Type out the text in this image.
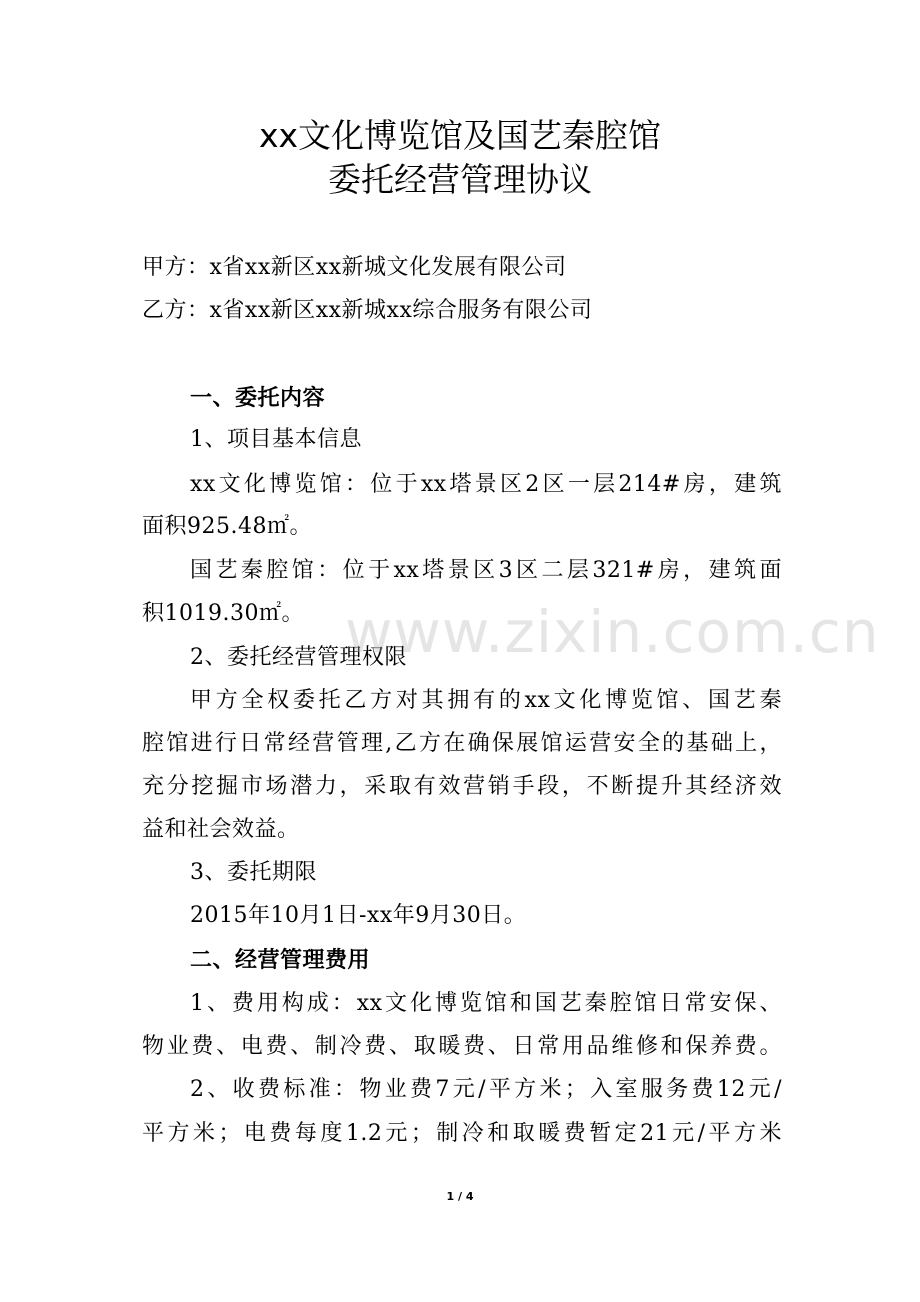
xx文化博览馆及国艺秦腔馆
委托经营管理协议

甲方：x省xx新区xx新城文化发展有限公司

乙方：x省xx新区xx新城xx综合服务有限公司

一、委托内容

1、项目基本信息

xx文化博览馆：位于xx塔景区2区一层214#房，建筑

面积925.48㎡。

国艺秦腔馆：位于xx塔景区3区二层321#房，建筑面

积1019.30㎡。

2、委托经营管理权限

甲方全权委托乙方对其拥有的xx文化博览馆、国艺秦

腔馆进行日常经营管理,乙方在确保展馆运营安全的基础上，

充分挖掘市场潜力，采取有效营销手段，不断提升其经济效

益和社会效益。

3、委托期限

2015年10月1日-xx年9月30日。

二、经营管理费用

1、费用构成：xx文化博览馆和国艺秦腔馆日常安保、

物业费、电费、制冷费、取暖费、日常用品维修和保养费。

2、收费标准：物业费7元/平方米；入室服务费12元/

平方米；电费每度1.2元；制冷和取暖费暂定21元/平方米

www.zixin.com.cn
1 / 4
